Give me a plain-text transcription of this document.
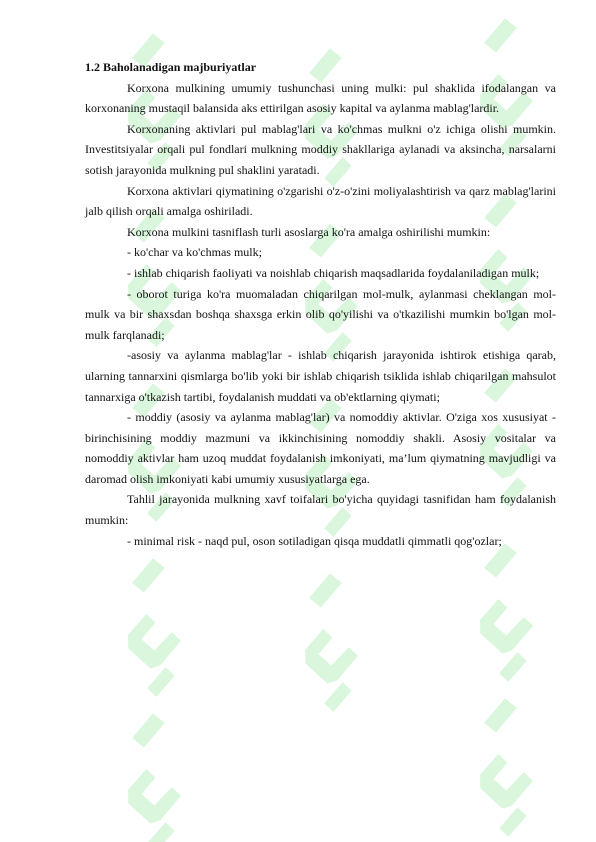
1.2 Baholanadigan majburiyatlar

Korxona mulkining umumiy tushunchasi uning mulki: pul shaklida ifodalangan va korxonaning mustaqil balansida aks ettirilgan asosiy kapital va aylanma mablag'lardir.

Korxonaning aktivlari pul mablag'lari va ko'chmas mulkni o'z ichiga olishi mumkin. Investitsiyalar orqali pul fondlari mulkning moddiy shakllariga aylanadi va aksincha, narsalarni sotish jarayonida mulkning pul shaklini yaratadi.

Korxona aktivlari qiymatining o'zgarishi o'z-o'zini moliyalashtirish va qarz mablag'larini jalb qilish orqali amalga oshiriladi.

Korxona mulkini tasniflash turli asoslarga ko'ra amalga oshirilishi mumkin:

- ko'char va ko'chmas mulk;

- ishlab chiqarish faoliyati va noishlab chiqarish maqsadlarida foydalaniladigan mulk;

- oborot turiga ko'ra muomaladan chiqarilgan mol-mulk, aylanmasi cheklangan mol-mulk va bir shaxsdan boshqa shaxsga erkin olib qo'yilishi va o'tkazilishi mumkin bo'lgan mol-mulk farqlanadi;

-asosiy va aylanma mablag'lar - ishlab chiqarish jarayonida ishtirok etishiga qarab, ularning tannarxini qismlarga bo'lib yoki bir ishlab chiqarish tsiklida ishlab chiqarilgan mahsulot tannarxiga o'tkazish tartibi, foydalanish muddati va ob'ektlarning qiymati;

- moddiy (asosiy va aylanma mablag'lar) va nomoddiy aktivlar. O'ziga xos xususiyat - birinchisining moddiy mazmuni va ikkinchisining nomoddiy shakli. Asosiy vositalar va nomoddiy aktivlar ham uzoq muddat foydalanish imkoniyati, ma’lum qiymatning mavjudligi va daromad olish imkoniyati kabi umumiy xususiyatlarga ega.

Tahlil jarayonida mulkning xavf toifalari bo'yicha quyidagi tasnifidan ham foydalanish mumkin:

- minimal risk - naqd pul, oson sotiladigan qisqa muddatli qimmatli qog'ozlar;
